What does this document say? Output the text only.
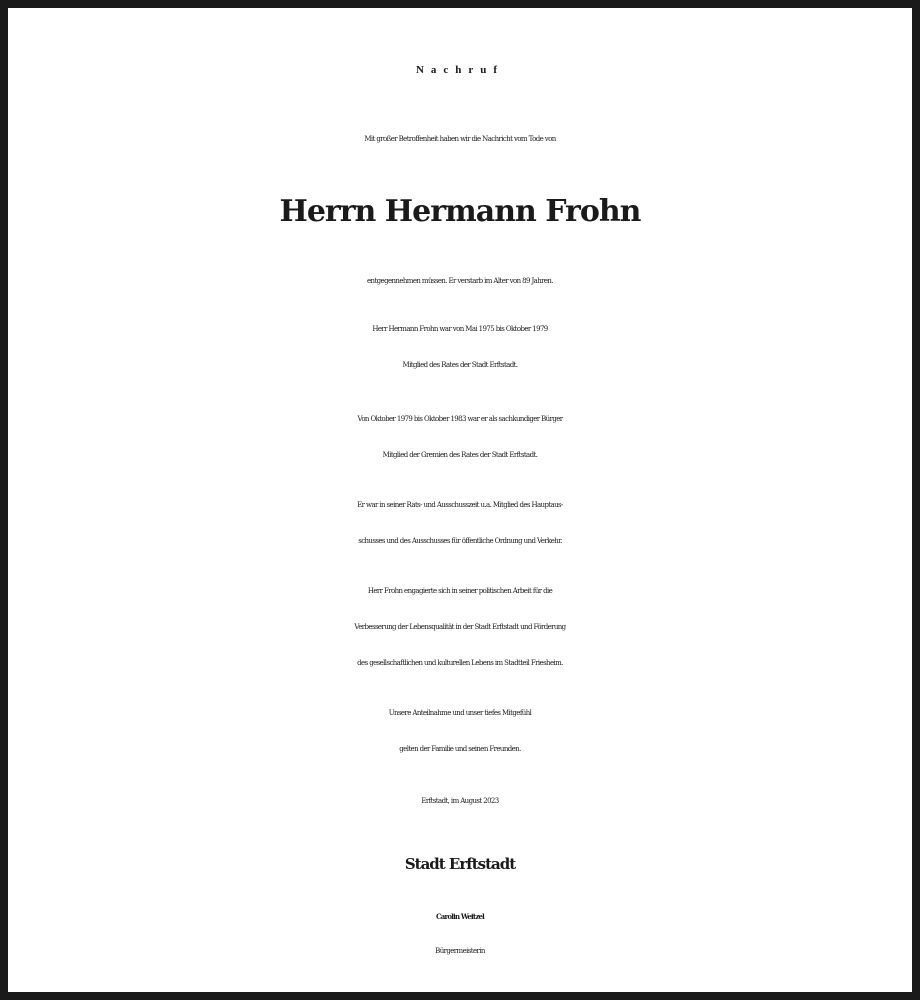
Nachruf
Mit großer Betroffenheit haben wir die Nachricht vom Tode von
Herrn Hermann Frohn
entgegennehmen müssen. Er verstarb im Alter von 89 Jahren.
Herr Hermann Frohn war von Mai 1975 bis Oktober 1979
Mitglied des Rates der Stadt Erftstadt.
Von Oktober 1979 bis Oktober 1983 war er als sachkundiger Bürger
Mitglied der Gremien des Rates der Stadt Erftstadt.
Er war in seiner Rats- und Ausschusszeit u.a. Mitglied des Hauptaus-
schusses und des Ausschusses für öffentliche Ordnung und Verkehr.
Herr Frohn engagierte sich in seiner politischen Arbeit für die
Verbesserung der Lebensqualität in der Stadt Erftstadt und Förderung
des gesellschaftlichen und kulturellen Lebens im Stadtteil Friesheim.
Unsere Anteilnahme und unser tiefes Mitgefühl
gelten der Familie und seinen Freunden.
Erftstadt, im August 2023
Stadt Erftstadt
Carolin Weitzel
Bürgermeisterin
